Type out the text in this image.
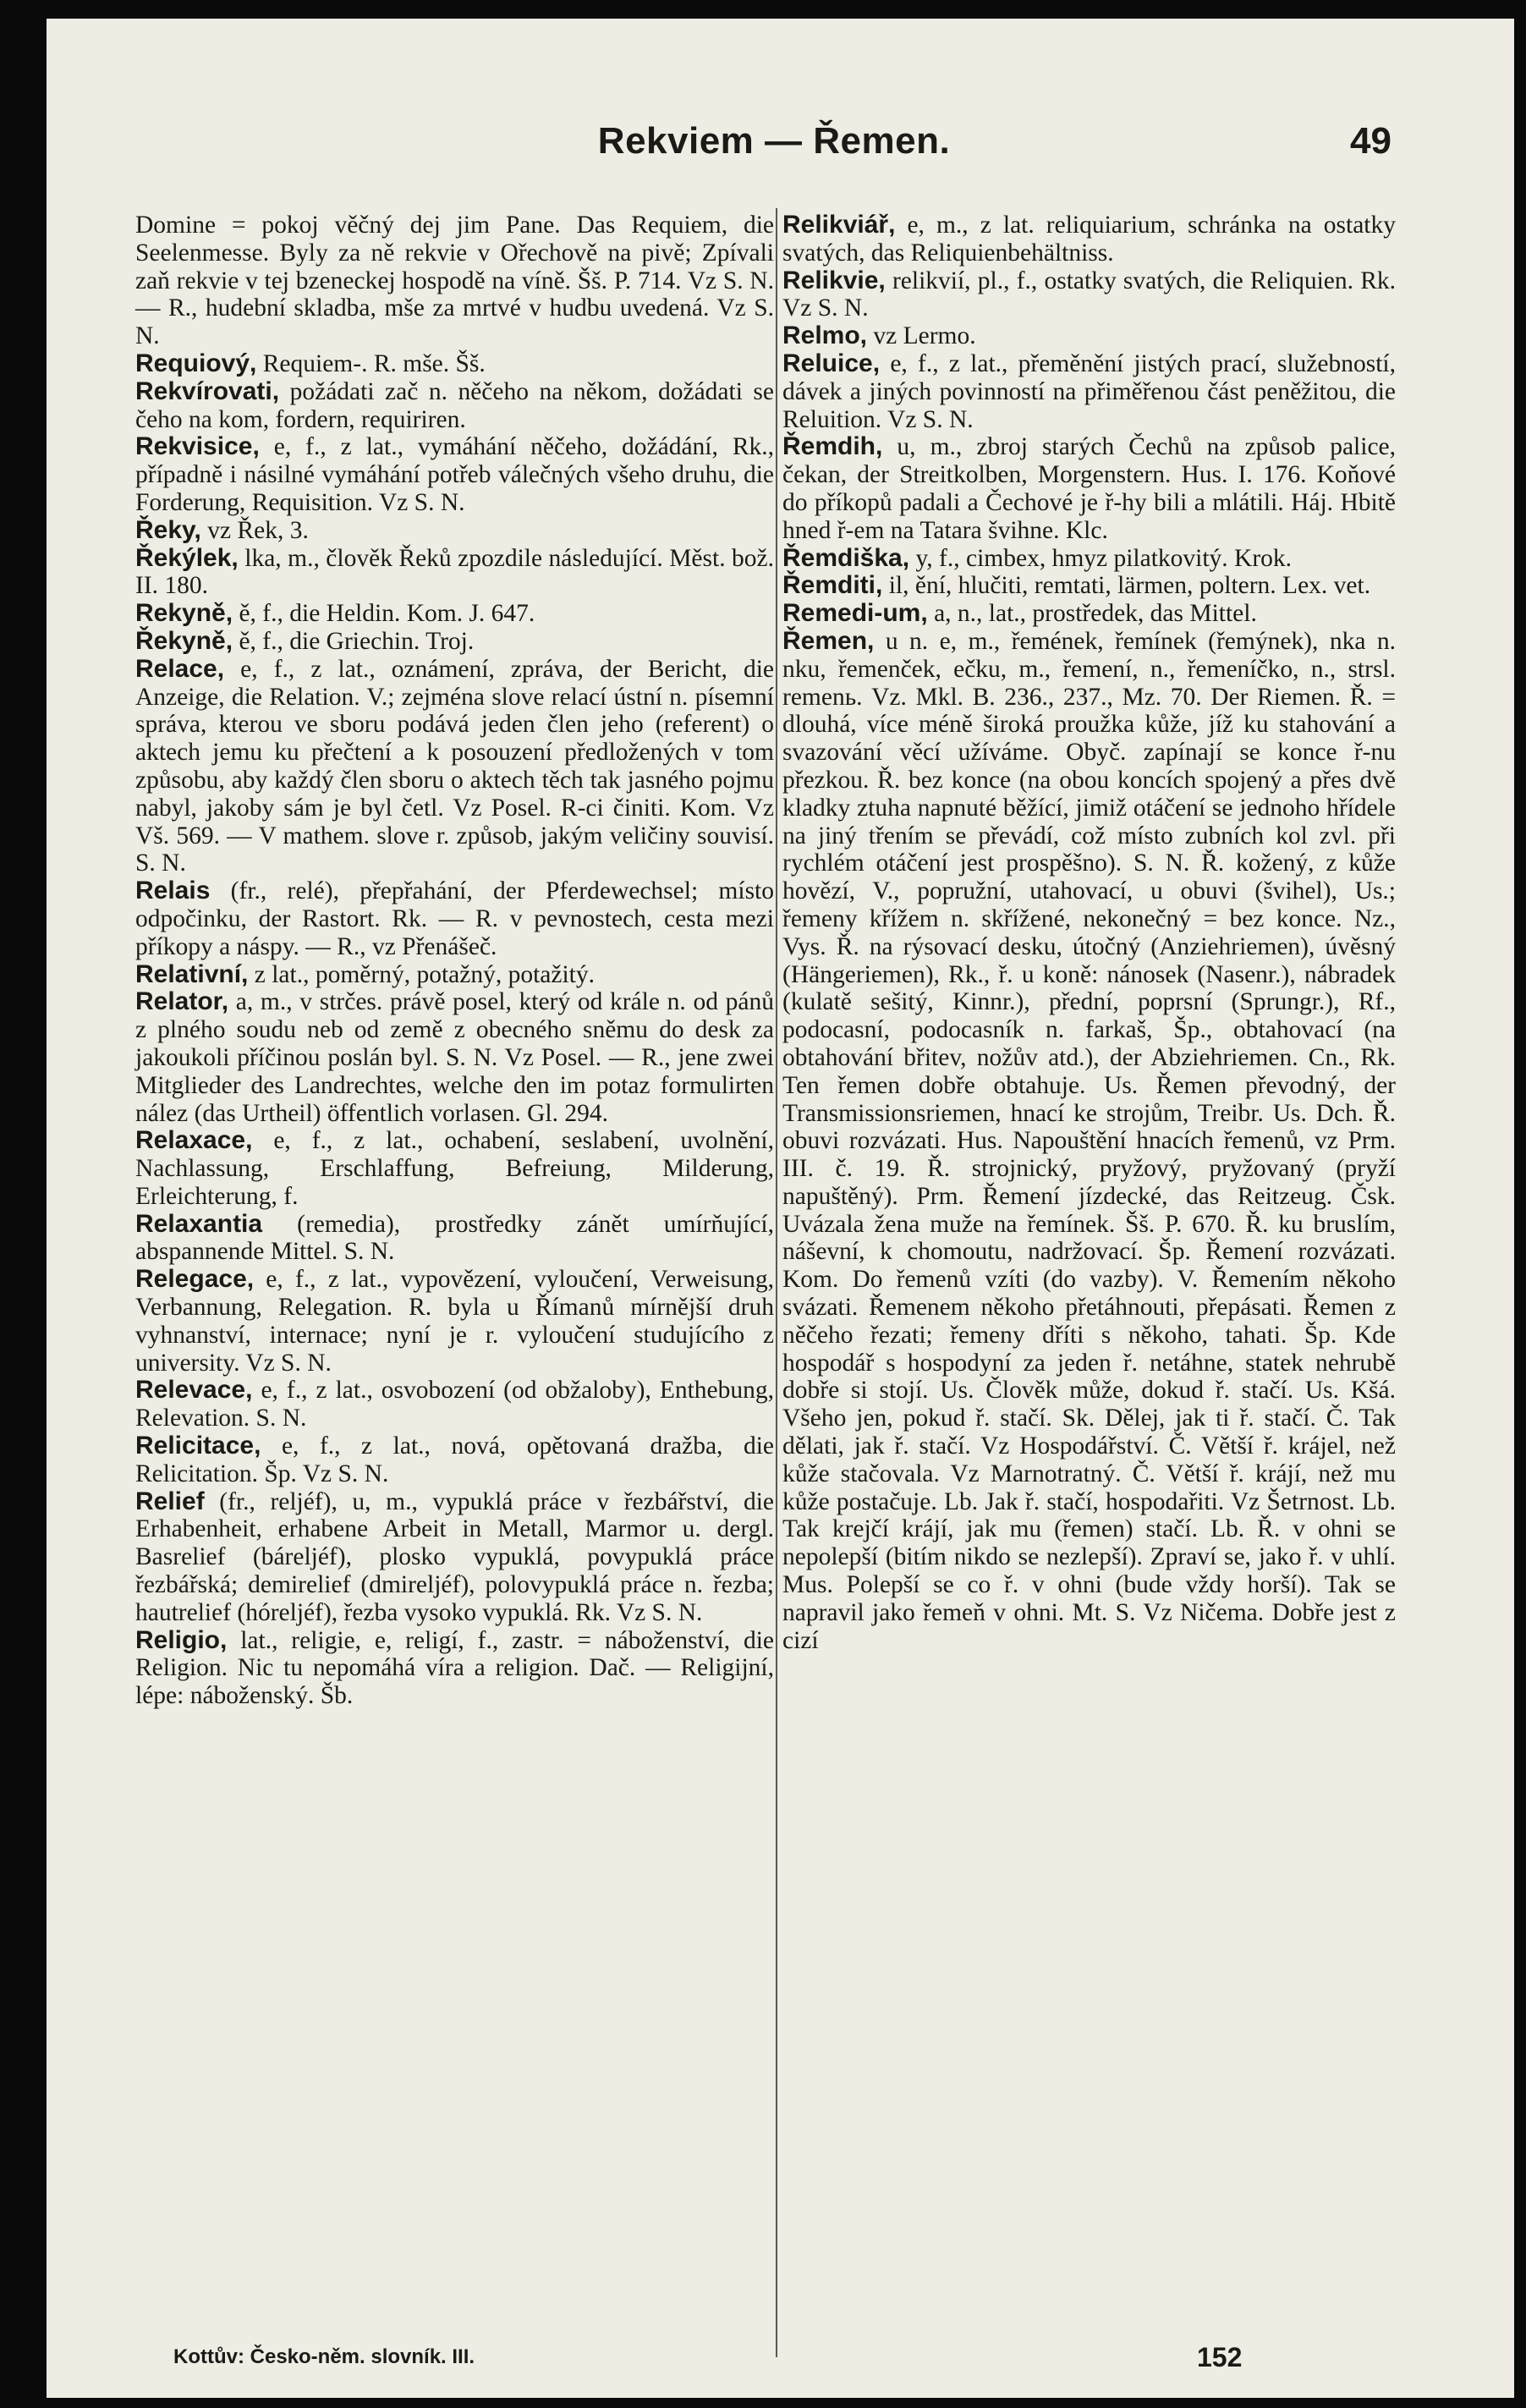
Rekviem — Řemen.	49

Domine = pokoj věčný dej jim Pane. Das Requiem, die Seelenmesse. Byly za ně rekvie v Ořechově na pivě; Zpívali zaň rekvie v tej bzeneckej hospodě na víně. Šš. P. 714. Vz S. N. — R., hudební skladba, mše za mrtvé v hudbu uvedená. Vz S. N.

Requiový, Requiem-. R. mše. Šš.

Rekvírovati, požádati zač n. něčeho na někom, dožádati se čeho na kom, fordern, requiriren.

Rekvisice, e, f., z lat., vymáhání něčeho, dožádání, Rk., případně i násilné vymáhání potřeb válečných všeho druhu, die Forderung, Requisition. Vz S. N.

Řeky, vz Řek, 3.

Řekýlek, lka, m., člověk Řeků zpozdile následující. Měst. bož. II. 180.

Rekyně, ě, f., die Heldin. Kom. J. 647.

Řekyně, ě, f., die Griechin. Troj.

Relace, e, f., z lat., oznámení, zpráva, der Bericht, die Anzeige, die Relation. V.; zejména slove relací ústní n. písemní správa, kterou ve sboru podává jeden člen jeho (referent) o aktech jemu ku přečtení a k posouzení předložených v tom způsobu, aby každý člen sboru o aktech těch tak jasného pojmu nabyl, jakoby sám je byl četl. Vz Posel. R-ci činiti. Kom. Vz Vš. 569. — V mathem. slove r. způsob, jakým veličiny souvisí. S. N.

Relais (fr., relé), přepřahání, der Pferdewechsel; místo odpočinku, der Rastort. Rk. — R. v pevnostech, cesta mezi příkopy a náspy. — R., vz Přenášeč.

Relativní, z lat., poměrný, potažný, potažitý.

Relator, a, m., v strčes. právě posel, který od krále n. od pánů z plného soudu neb od země z obecného sněmu do desk za jakoukoli příčinou poslán byl. S. N. Vz Posel. — R., jene zwei Mitglieder des Landrechtes, welche den im potaz formulirten nález (das Urtheil) öffentlich vorlasen. Gl. 294.

Relaxace, e, f., z lat., ochabení, seslabení, uvolnění, Nachlassung, Erschlaffung, Befreiung, Milderung, Erleichterung, f.

Relaxantia (remedia), prostředky zánět umírňující, abspannende Mittel. S. N.

Relegace, e, f., z lat., vypovězení, vyloučení, Verweisung, Verbannung, Relegation. R. byla u Římanů mírnější druh vyhnanství, internace; nyní je r. vyloučení studujícího z university. Vz S. N.

Relevace, e, f., z lat., osvobození (od obžaloby), Enthebung, Relevation. S. N.

Relicitace, e, f., z lat., nová, opětovaná dražba, die Relicitation. Šp. Vz S. N.

Relief (fr., reljéf), u, m., vypuklá práce v řezbářství, die Erhabenheit, erhabene Arbeit in Metall, Marmor u. dergl. Basrelief (báreljéf), plosko vypuklá, povypuklá práce řezbářská; demirelief (dmireljéf), polovypuklá práce n. řezba; hautrelief (hóreljéf), řezba vysoko vypuklá. Rk. Vz S. N.

Religio, lat., religie, e, religí, f., zastr. = náboženství, die Religion. Nic tu nepomáhá víra a religion. Dač. — Religijní, lépe: náboženský. Šb.

Relikviář, e, m., z lat. reliquiarium, schránka na ostatky svatých, das Reliquienbehältniss.

Relikvie, relikvií, pl., f., ostatky svatých, die Reliquien. Rk. Vz S. N.

Relmo, vz Lermo.

Reluice, e, f., z lat., přeměnění jistých prací, služebností, dávek a jiných povinností na přiměřenou část peněžitou, die Reluition. Vz S. N.

Řemdih, u, m., zbroj starých Čechů na způsob palice, čekan, der Streitkolben, Morgenstern. Hus. I. 176. Koňové do příkopů padali a Čechové je ř-hy bili a mlátili. Háj. Hbitě hned ř-em na Tatara švihne. Klc.

Řemdiška, y, f., cimbex, hmyz pilatkovitý. Krok.

Řemditi, il, ění, hlučiti, remtati, lärmen, poltern. Lex. vet.

Remedi-um, a, n., lat., prostředek, das Mittel.

Řemen, u n. e, m., řemének, řemínek (řemýnek), nka n. nku, řemenček, ečku, m., řemení, n., řemeníčko, n., strsl. remenь. Vz. Mkl. B. 236., 237., Mz. 70. Der Riemen. Ř. = dlouhá, více méně široká proužka kůže, jíž ku stahování a svazování věcí užíváme. Obyč. zapínají se konce ř-nu přezkou. Ř. bez konce (na obou koncích spojený a přes dvě kladky ztuha napnuté běžící, jimiž otáčení se jednoho hřídele na jiný třením se převádí, což místo zubních kol zvl. při rychlém otáčení jest prospěšno). S. N. Ř. kožený, z kůže hovězí, V., popružní, utahovací, u obuvi (švihel), Us.; řemeny křížem n. skřížené, nekonečný = bez konce. Nz., Vys. Ř. na rýsovací desku, útočný (Anziehriemen), úvěsný (Hängeriemen), Rk., ř. u koně: nánosek (Nasenr.), nábradek (kulatě sešitý, Kinnr.), přední, poprsní (Sprungr.), Rf., podocasní, podocasník n. farkaš, Šp., obtahovací (na obtahování břitev, nožův atd.), der Abziehriemen. Cn., Rk. Ten řemen dobře obtahuje. Us. Řemen převodný, der Transmissionsriemen, hnací ke strojům, Treibr. Us. Dch. Ř. obuvi rozvázati. Hus. Napouštění hnacích řemenů, vz Prm. III. č. 19. Ř. strojnický, pryžový, pryžovaný (pryží napuštěný). Prm. Řemení jízdecké, das Reitzeug. Čsk. Uvázala žena muže na řemínek. Šš. P. 670. Ř. ku bruslím, náševní, k chomoutu, nadržovací. Šp. Řemení rozvázati. Kom. Do řemenů vzíti (do vazby). V. Řemením někoho svázati. Řemenem někoho přetáhnouti, přepásati. Řemen z něčeho řezati; řemeny dříti s někoho, tahati. Šp. Kde hospodář s hospodyní za jeden ř. netáhne, statek nehrubě dobře si stojí. Us. Člověk může, dokud ř. stačí. Us. Kšá. Všeho jen, pokud ř. stačí. Sk. Dělej, jak ti ř. stačí. Č. Tak dělati, jak ř. stačí. Vz Hospodářství. Č. Větší ř. krájel, než kůže stačovala. Vz Marnotratný. Č. Větší ř. krájí, než mu kůže postačuje. Lb. Jak ř. stačí, hospodařiti. Vz Šetrnost. Lb. Tak krejčí krájí, jak mu (řemen) stačí. Lb. Ř. v ohni se nepolepší (bitím nikdo se nezlepší). Zpraví se, jako ř. v uhlí. Mus. Polepší se co ř. v ohni (bude vždy horší). Tak se napravil jako řemeň v ohni. Mt. S. Vz Ničema. Dobře jest z cizí

Kottův: Česko-něm. slovník. III.	152
